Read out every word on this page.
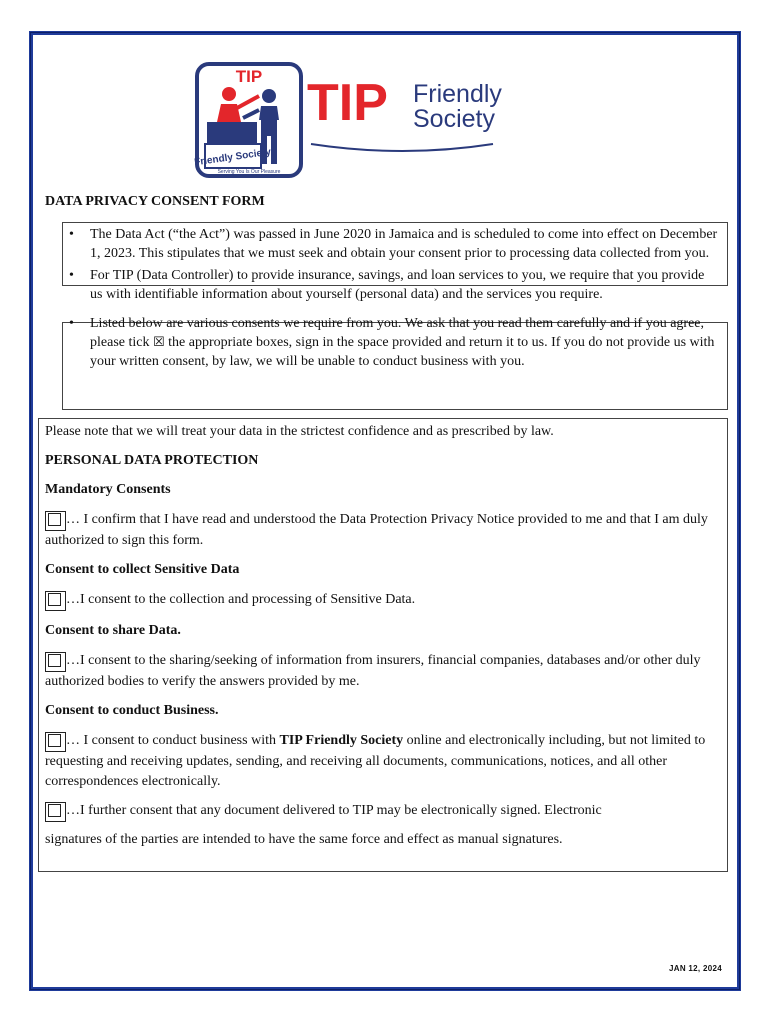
TIP
Friendly Society
Serving You Is Our Pleasure
TIP Friendly
Society
DATA PRIVACY CONSENT FORM
• The Data Act (“the Act”) was passed in June 2020 in Jamaica and is scheduled to come into effect on December 1, 2023. This stipulates that we must seek and obtain your consent prior to processing data collected from you.
• For TIP (Data Controller) to provide insurance, savings, and loan services to you, we require that you provide us with identifiable information about yourself (personal data) and the services you require.
• Listed below are various consents we require from you. We ask that you read them carefully and if you agree, please tick ☒ the appropriate boxes, sign in the space provided and return it to us. If you do not provide us with your written consent, by law, we will be unable to conduct business with you.

Please note that we will treat your data in the strictest confidence and as prescribed by law.

PERSONAL DATA PROTECTION

Mandatory Consents

… I confirm that I have read and understood the Data Protection Privacy Notice provided to me and that I am duly authorized to sign this form.

Consent to collect Sensitive Data

…I consent to the collection and processing of Sensitive Data.

Consent to share Data.

…I consent to the sharing/seeking of information from insurers, financial companies, databases and/or other duly authorized bodies to verify the answers provided by me.

Consent to conduct Business.

… I consent to conduct business with TIP Friendly Society online and electronically including, but not limited to requesting and receiving updates, sending, and receiving all documents, communications, notices, and all other correspondences electronically.

…I further consent that any document delivered to TIP may be electronically signed. Electronic

signatures of the parties are intended to have the same force and effect as manual signatures.

JAN 12, 2024
